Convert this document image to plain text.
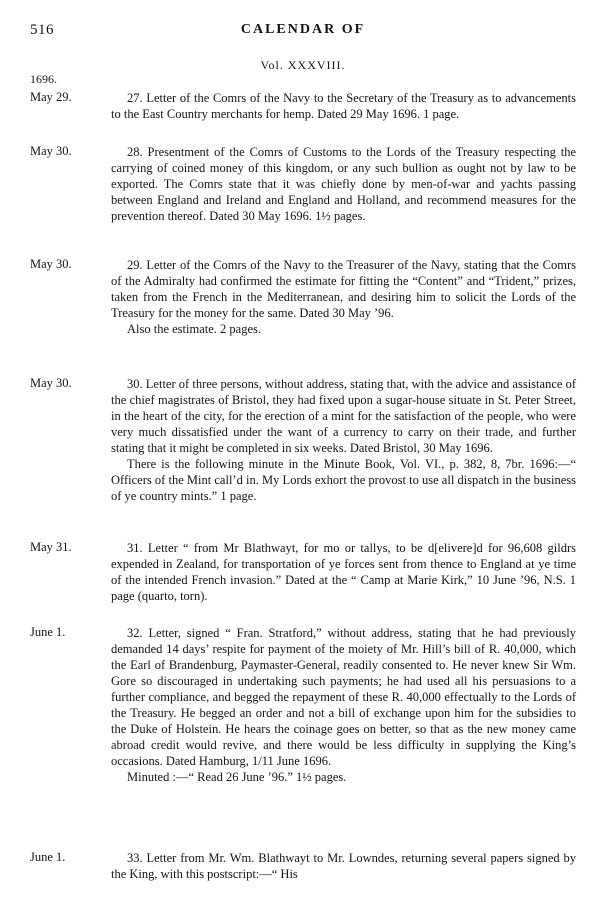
516	CALENDAR OF
Vol. XXXVIII.
1696.
May 29.	27. Letter of the Comrs of the Navy to the Secretary of the Treasury as to advancements to the East Country merchants for hemp. Dated 29 May 1696. 1 page.

May 30.	28. Presentment of the Comrs of Customs to the Lords of the Treasury respecting the carrying of coined money of this kingdom, or any such bullion as ought not by law to be exported. The Comrs state that it was chiefly done by men-of-war and yachts passing between England and Ireland and England and Holland, and recommend measures for the prevention thereof. Dated 30 May 1696. 1½ pages.

May 30.	29. Letter of the Comrs of the Navy to the Treasurer of the Navy, stating that the Comrs of the Admiralty had confirmed the estimate for fitting the “Content” and “Trident,” prizes, taken from the French in the Mediterranean, and desiring him to solicit the Lords of the Treasury for the money for the same. Dated 30 May ’96.

Also the estimate. 2 pages.
May 30.	30. Letter of three persons, without address, stating that, with the advice and assistance of the chief magistrates of Bristol, they had fixed upon a sugar-house situate in St. Peter Street, in the heart of the city, for the erection of a mint for the satisfaction of the people, who were very much dissatisfied under the want of a currency to carry on their trade, and further stating that it might be completed in six weeks. Dated Bristol, 30 May 1696.

There is the following minute in the Minute Book, Vol. VI., p. 382, 8, 7br. 1696:—“ Officers of the Mint call’d in. My Lords exhort the provost to use all dispatch in the business of ye country mints.” 1 page.
May 31.	31. Letter “ from Mr Blathwayt, for mo or tallys, to be d[elivere]d for 96,608 gildrs expended in Zealand, for transportation of ye forces sent from thence to England at ye time of the intended French invasion.” Dated at the “ Camp at Marie Kirk,” 10 June ’96, N.S. 1 page (quarto, torn).

June 1.	32. Letter, signed “ Fran. Stratford,” without address, stating that he had previously demanded 14 days’ respite for payment of the moiety of Mr. Hill’s bill of R. 40,000, which the Earl of Brandenburg, Paymaster-General, readily consented to. He never knew Sir Wm. Gore so discouraged in undertaking such payments; he had used all his persuasions to a further compliance, and begged the repayment of these R. 40,000 effectually to the Lords of the Treasury. He begged an order and not a bill of exchange upon him for the subsidies to the Duke of Holstein. He hears the coinage goes on better, so that as the new money came abroad credit would revive, and there would be less difficulty in supplying the King’s occasions. Dated Hamburg, 1/11 June 1696.

Minuted :—“ Read 26 June ’96.” 1½ pages.
June 1.	33. Letter from Mr. Wm. Blathwayt to Mr. Lowndes, returning several papers signed by the King, with this postscript:—“ His
